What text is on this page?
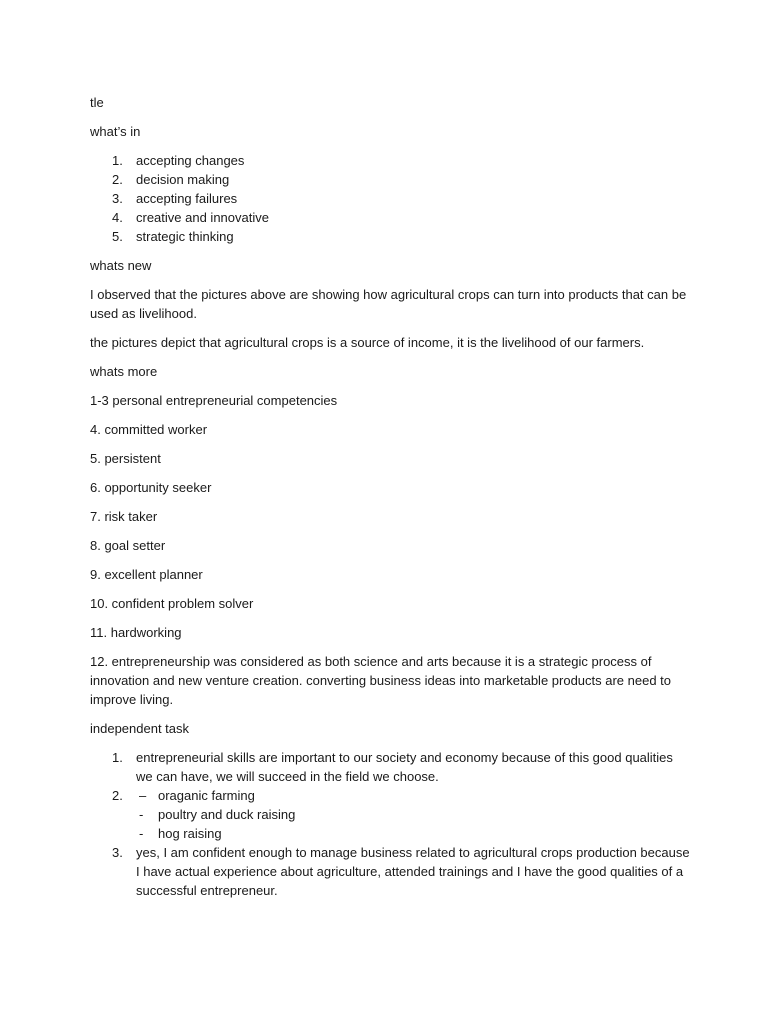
tle

what’s in

1. accepting changes
2. decision making
3. accepting failures
4. creative and innovative
5. strategic thinking

whats new

I observed that the pictures above are showing how agricultural crops can turn into products that can be used as livelihood.

the pictures depict that agricultural crops is a source of income, it is the livelihood of our farmers.

whats more

1-3 personal entrepreneurial competencies

4. committed worker

5. persistent

6. opportunity seeker

7. risk taker

8. goal setter

9. excellent planner

10. confident problem solver

11. hardworking

12. entrepreneurship was considered as both science and arts because it is a strategic process of innovation and new venture creation. converting business ideas into marketable products are need to improve living.

independent task

1. entrepreneurial skills are important to our society and economy because of this good qualities we can have, we will succeed in the field we choose.
2. – oraganic farming
- poultry and duck raising
- hog raising
3. yes, I am confident enough to manage business related to agricultural crops production because I have actual experience about agriculture, attended trainings and I have the good qualities of a successful entrepreneur.
